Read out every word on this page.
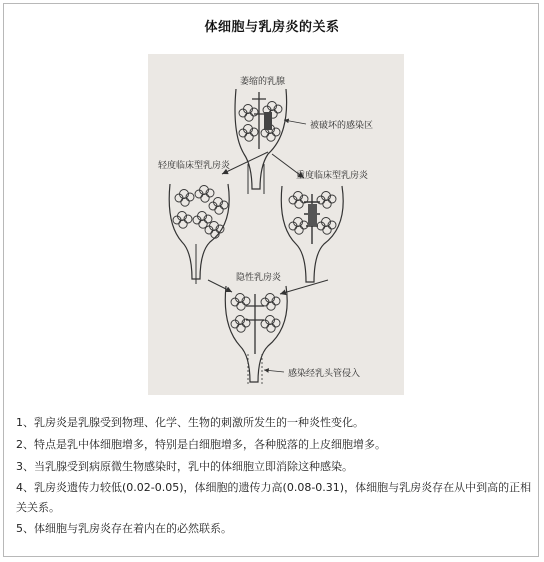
体细胞与乳房炎的关系
萎缩的乳腺
被破坏的感染区
轻度临床型乳房炎
重度临床型乳房炎
隐性乳房炎
感染经乳头管侵入

1、乳房炎是乳腺受到物理、化学、生物的刺激所发生的一种炎性变化。

2、特点是乳中体细胞增多，特别是白细胞增多，各种脱落的上皮细胞增多。

3、当乳腺受到病原微生物感染时，乳中的体细胞立即消除这种感染。

4、乳房炎遗传力较低(0.02-0.05)，体细胞的遗传力高(0.08-0.31)，体细胞与乳房炎存在从中到高的正相关关系。

5、体细胞与乳房炎存在着内在的必然联系。
